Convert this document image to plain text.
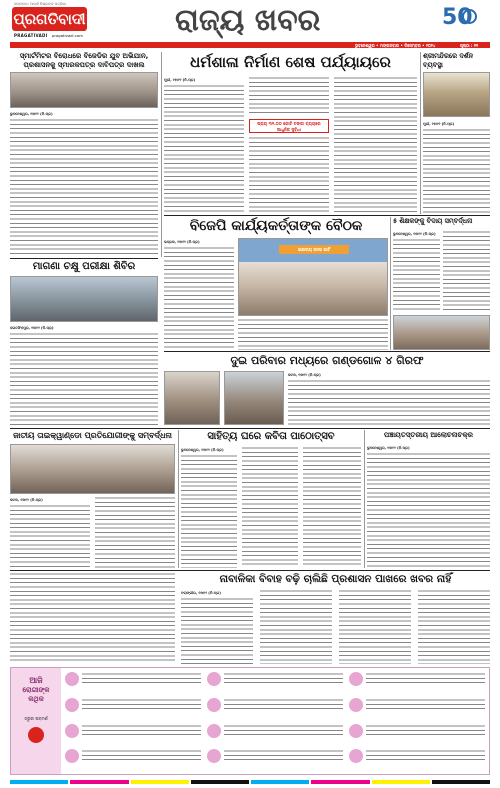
ସମ୍ପାଦକ: ଆଦର୍ଶ ମିଶ୍ରଙ୍କ ପତ୍ରିକା
ପ୍ରଗତିବାଦୀ
PRAGATIVADI pragativadi.com	ରାଜ୍ୟ ଖବର	50
ଭୁବନେଶ୍ୱର • ମଙ୍ଗଳବାର • ଡିସେମ୍ବର • ୨୦୨୪	ପୃଷ୍ଠା : ୧୧
ସ୍ମାର୍ଟମିଟର ବିରୋଧରେ ବିଜେଡିର ଯୁବ ଅଭିଯାନ, ପ୍ରଶାସନକୁ ସ୍ମାରକପତ୍ର ଦାବିପତ୍ର ଦାଖଲ
ଭୁବନେଶ୍ୱର, ୧୭ା୧୨ (ନି.ପ୍ର)
ଧର୍ମଶାଳା ନିର୍ମାଣ ଶେଷ ପର୍ଯ୍ୟାୟରେ
ପୁରୀ, ୧୭ା୧୨ (ନି.ପ୍ର)
ପ୍ରାୟ ୩୧.୦୦ କୋଟି ଟଙ୍କା ବ୍ୟୟରେ ଆଧୁନିକ ସୁବିଧା
ଶ୍ରୀମନ୍ଦିରରେ ଦର୍ଶନ ବ୍ୟବସ୍ଥା
ପୁରୀ, ୧୭ା୧୨ (ନି.ପ୍ର)
ବିଜେପି କାର୍ଯ୍ୟକର୍ତ୍ତାଙ୍କ ବୈଠକ
ଭଦ୍ରକ, ୧୭ା୧୨ (ନି.ପ୍ର)
ଭାରତୀୟ ଜନତା ପାର୍ଟି
୫ ଶିକ୍ଷକଙ୍କୁ ବିଦାୟ ସମ୍ବର୍ଦ୍ଧନା
ଭୁବନେଶ୍ୱର, ୧୭ା୧୨ (ନି.ପ୍ର)
ମାଗଣା ଚକ୍ଷୁ ପରୀକ୍ଷା ଶିବିର
ଜଗତସିଂହପୁର, ୧୭ା୧୨ (ନି.ପ୍ର)
ଦୁଇ ପରିବାର ମଧ୍ୟରେ ଗଣ୍ଡଗୋଳ ୪ ଗିରଫ
କଟକ, ୧୭ା୧୨ (ନି.ପ୍ର)
ଜାତୀୟ ତାଇକ୍ୱାଣ୍ଡୋ ପ୍ରତିଯୋଗୀଙ୍କୁ ସମ୍ବର୍ଦ୍ଧନା
କଟକ, ୧୭ା୧୨ (ନି.ପ୍ର)
ସାହିତ୍ୟ ଘରେ କବିତା ପାଠୋତ୍ସବ
ଭୁବନେଶ୍ୱର, ୧୭ା୧୨ (ନି.ପ୍ର)
ପଞ୍ଚାୟତସ୍ତରୀୟ ଆଲୋଚନାଚକ୍ର
ଭୁବନେଶ୍ୱର, ୧୭ା୧୨ (ନି.ପ୍ର)
ନାବାଳିକା ବିବାହ ବଢ଼ି ଚାଲିଛି ପ୍ରଶାସନ ପାଖରେ ଖବର ନାହିଁ
ବଲାଙ୍ଗୀର, ୧୭ା୧୨ (ନି.ପ୍ର)
ଆଜି
ରୋଗୀଙ୍କ
କଥିକ
ଜରୁରୀ ପରାମର୍ଶ
